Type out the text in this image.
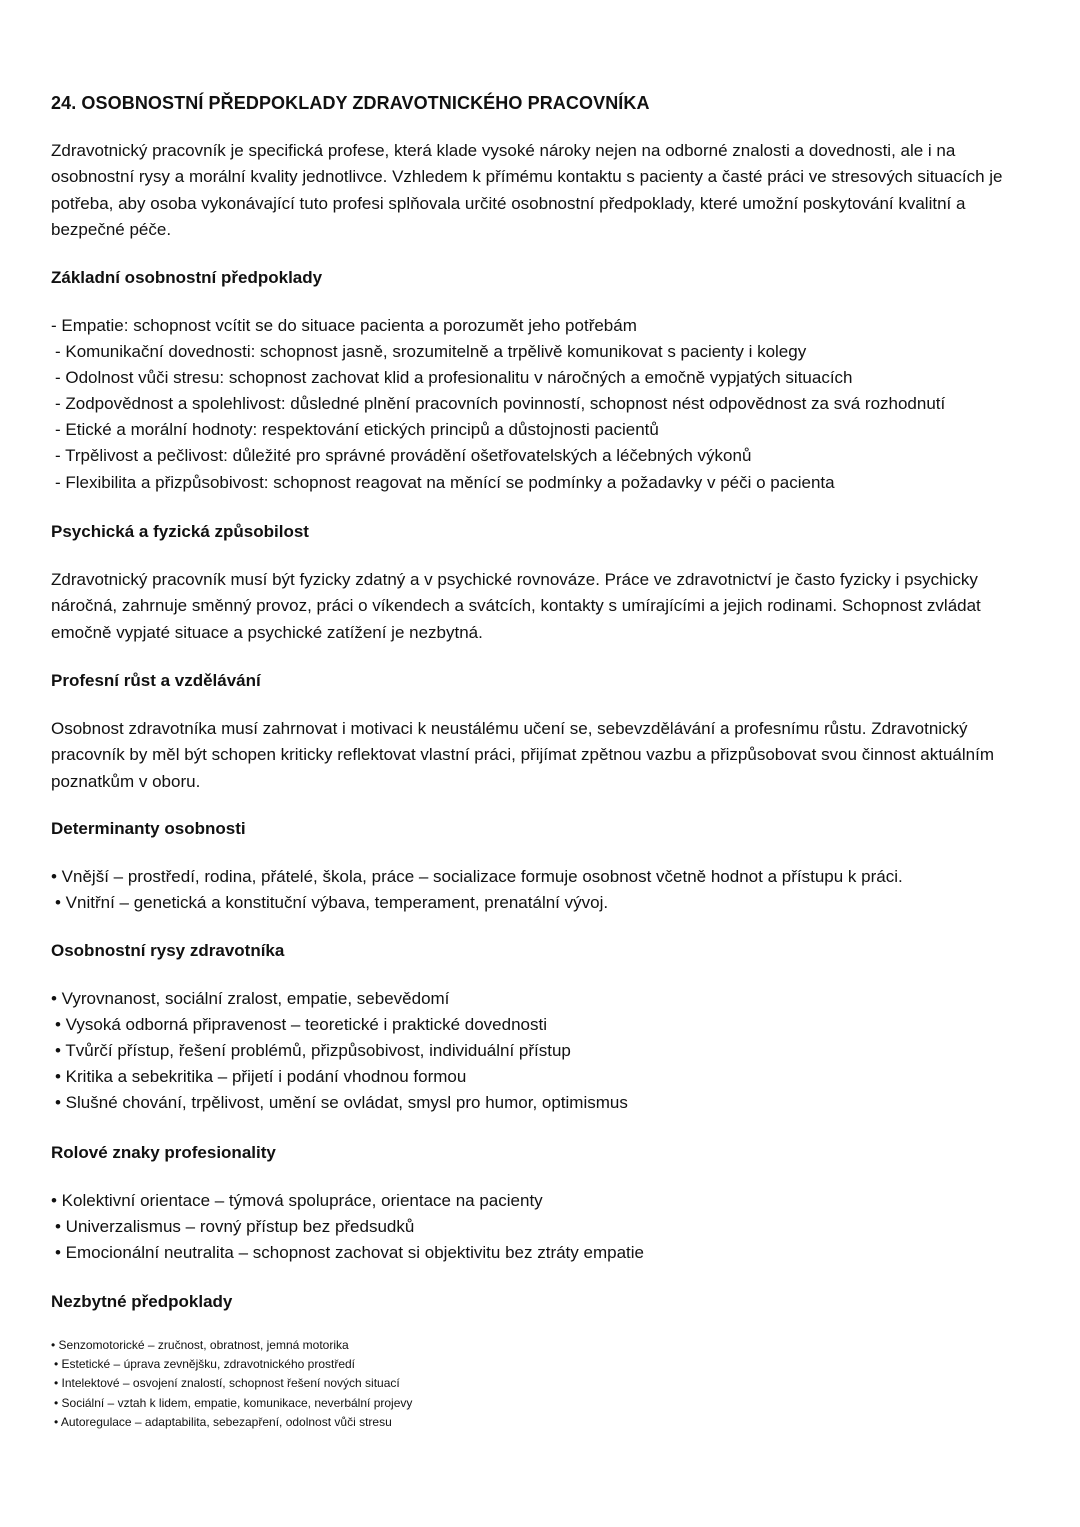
24. OSOBNOSTNÍ PŘEDPOKLADY ZDRAVOTNICKÉHO PRACOVNÍKA
Zdravotnický pracovník je specifická profese, která klade vysoké nároky nejen na odborné znalosti a dovednosti, ale i na osobnostní rysy a morální kvality jednotlivce. Vzhledem k přímému kontaktu s pacienty a časté práci ve stresových situacích je potřeba, aby osoba vykonávající tuto profesi splňovala určité osobnostní předpoklady, které umožní poskytování kvalitní a bezpečné péče.
Základní osobnostní předpoklady
- Empatie: schopnost vcítit se do situace pacienta a porozumět jeho potřebám
- Komunikační dovednosti: schopnost jasně, srozumitelně a trpělivě komunikovat s pacienty i kolegy
- Odolnost vůči stresu: schopnost zachovat klid a profesionalitu v náročných a emočně vypjatých situacích
- Zodpovědnost a spolehlivost: důsledné plnění pracovních povinností, schopnost nést odpovědnost za svá rozhodnutí
- Etické a morální hodnoty: respektování etických principů a důstojnosti pacientů
- Trpělivost a pečlivost: důležité pro správné provádění ošetřovatelských a léčebných výkonů
- Flexibilita a přizpůsobivost: schopnost reagovat na měnící se podmínky a požadavky v péči o pacienta
Psychická a fyzická způsobilost
Zdravotnický pracovník musí být fyzicky zdatný a v psychické rovnováze. Práce ve zdravotnictví je často fyzicky i psychicky náročná, zahrnuje směnný provoz, práci o víkendech a svátcích, kontakty s umírajícími a jejich rodinami. Schopnost zvládat emočně vypjaté situace a psychické zatížení je nezbytná.
Profesní růst a vzdělávání
Osobnost zdravotníka musí zahrnovat i motivaci k neustálému učení se, sebevzdělávání a profesnímu růstu. Zdravotnický pracovník by měl být schopen kriticky reflektovat vlastní práci, přijímat zpětnou vazbu a přizpůsobovat svou činnost aktuálním poznatkům v oboru.
Determinanty osobnosti
• Vnější – prostředí, rodina, přátelé, škola, práce – socializace formuje osobnost včetně hodnot a přístupu k práci.
• Vnitřní – genetická a konstituční výbava, temperament, prenatální vývoj.
Osobnostní rysy zdravotníka
• Vyrovnanost, sociální zralost, empatie, sebevědomí
• Vysoká odborná připravenost – teoretické i praktické dovednosti
• Tvůrčí přístup, řešení problémů, přizpůsobivost, individuální přístup
• Kritika a sebekritika – přijetí i podání vhodnou formou
• Slušné chování, trpělivost, umění se ovládat, smysl pro humor, optimismus
Rolové znaky profesionality
• Kolektivní orientace – týmová spolupráce, orientace na pacienty
• Univerzalismus – rovný přístup bez předsudků
• Emocionální neutralita – schopnost zachovat si objektivitu bez ztráty empatie
Nezbytné předpoklady
• Senzomotorické – zručnost, obratnost, jemná motorika
• Estetické – úprava zevnějšku, zdravotnického prostředí
• Intelektové – osvojení znalostí, schopnost řešení nových situací
• Sociální – vztah k lidem, empatie, komunikace, neverbální projevy
• Autoregulace – adaptabilita, sebezapření, odolnost vůči stresu
